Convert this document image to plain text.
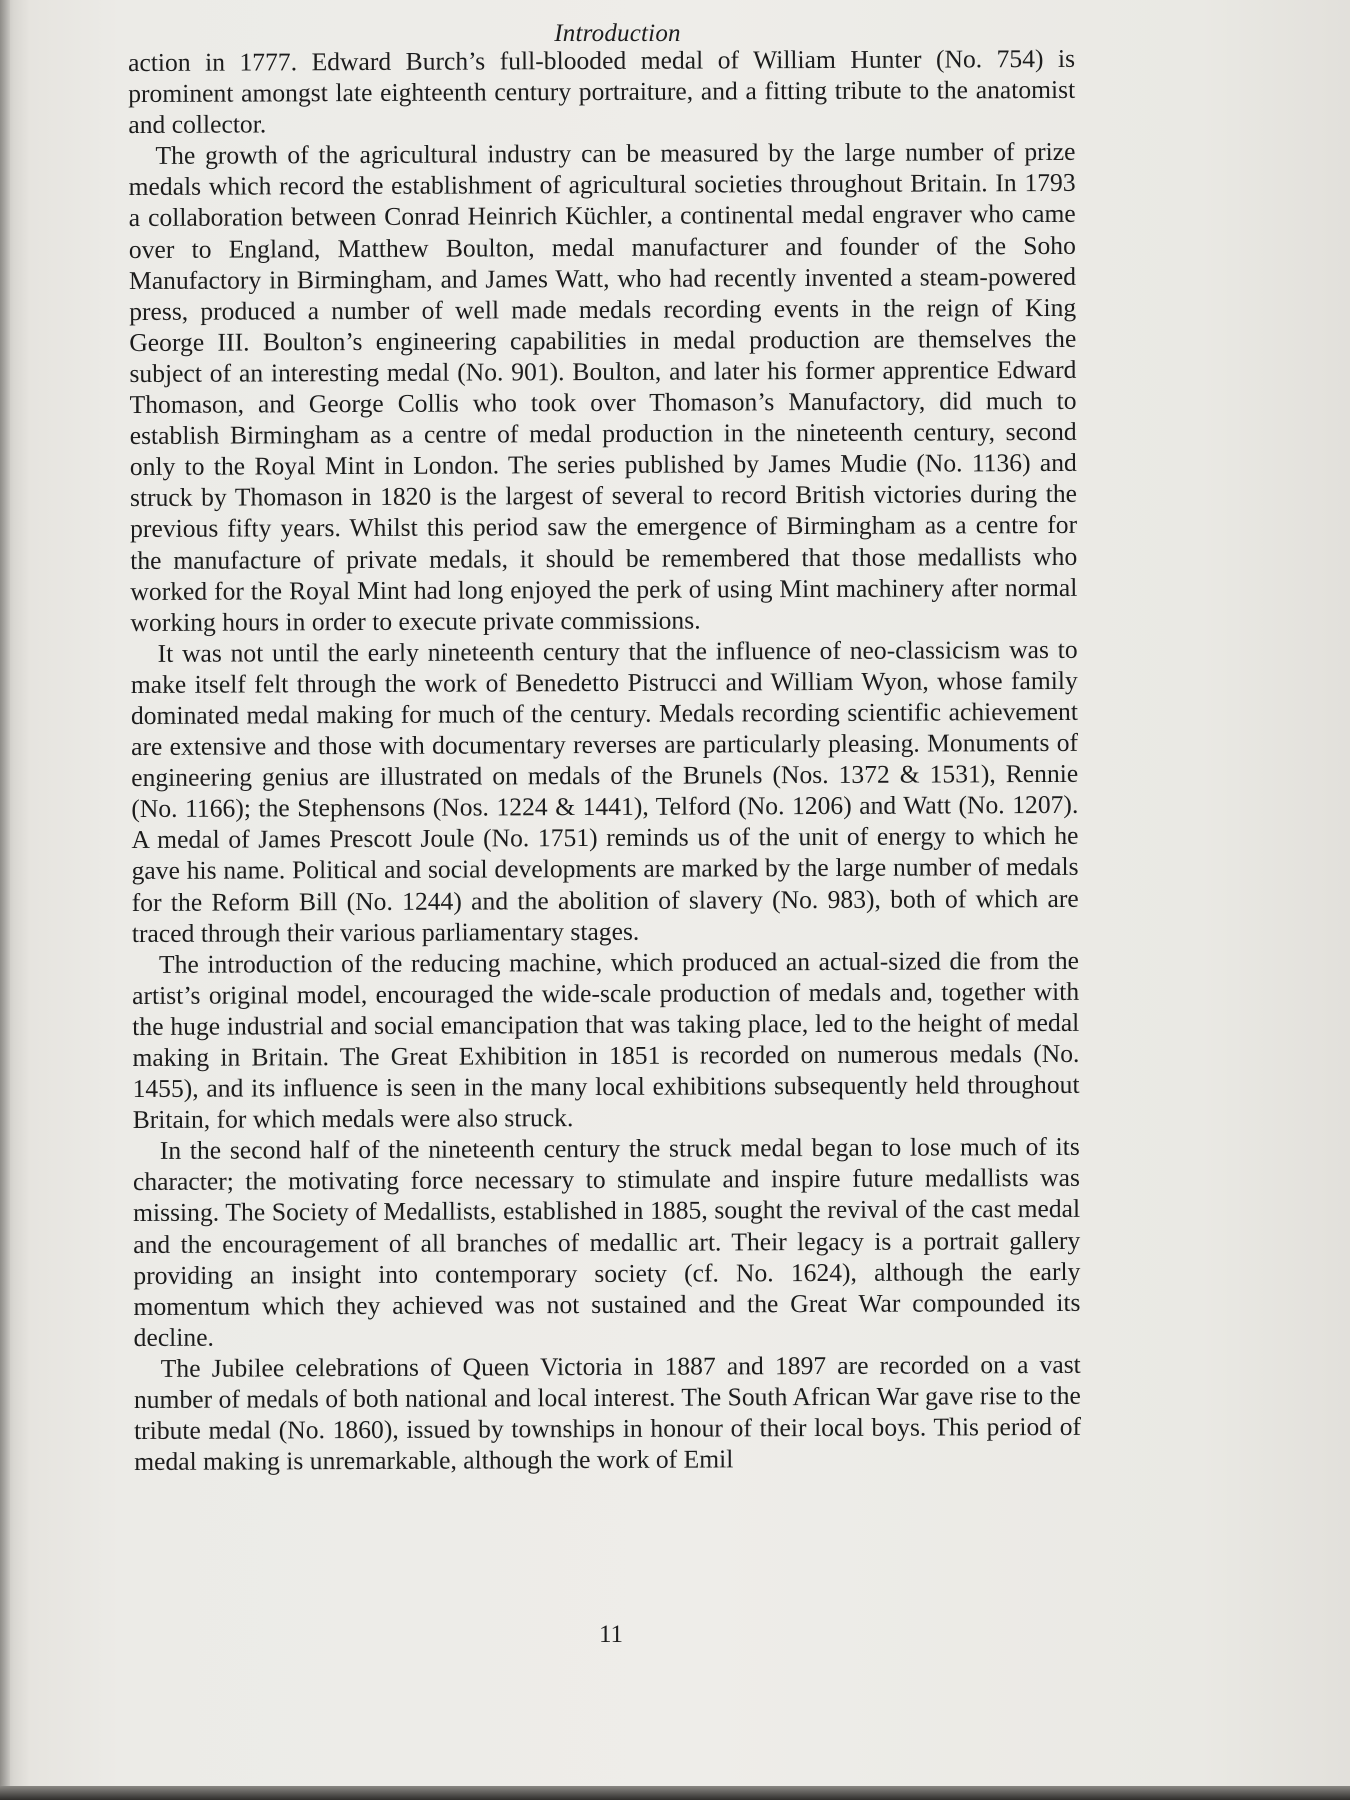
Introduction

action in 1777. Edward Burch’s full-blooded medal of William Hunter (No. 754) is prominent amongst late eighteenth century portraiture, and a fitting tribute to the anatomist and collector.

The growth of the agricultural industry can be measured by the large number of prize medals which record the establishment of agricultural societies throughout Britain. In 1793 a collaboration between Conrad Heinrich Küchler, a continental medal engraver who came over to England, Matthew Boulton, medal manufacturer and founder of the Soho Manufactory in Birmingham, and James Watt, who had recently invented a steam-powered press, produced a number of well made medals recording events in the reign of King George III. Boulton’s engineering capabilities in medal production are themselves the subject of an interesting medal (No. 901). Boulton, and later his former apprentice Edward Thomason, and George Collis who took over Thomason’s Manufactory, did much to establish Birmingham as a centre of medal production in the nineteenth century, second only to the Royal Mint in London. The series published by James Mudie (No. 1136) and struck by Thomason in 1820 is the largest of several to record British victories during the previous fifty years. Whilst this period saw the emergence of Birmingham as a centre for the manufacture of private medals, it should be remembered that those medallists who worked for the Royal Mint had long enjoyed the perk of using Mint machinery after normal working hours in order to execute private commissions.

It was not until the early nineteenth century that the influence of neo-classicism was to make itself felt through the work of Benedetto Pistrucci and William Wyon, whose family dominated medal making for much of the century. Medals recording scientific achievement are extensive and those with documentary reverses are particularly pleasing. Monuments of engineering genius are illustrated on medals of the Brunels (Nos. 1372 & 1531), Rennie (No. 1166); the Stephensons (Nos. 1224 & 1441), Telford (No. 1206) and Watt (No. 1207). A medal of James Prescott Joule (No. 1751) reminds us of the unit of energy to which he gave his name. Political and social developments are marked by the large number of medals for the Reform Bill (No. 1244) and the abolition of slavery (No. 983), both of which are traced through their various parliamentary stages.

The introduction of the reducing machine, which produced an actual-sized die from the artist’s original model, encouraged the wide-scale production of medals and, together with the huge industrial and social emancipation that was taking place, led to the height of medal making in Britain. The Great Exhibition in 1851 is recorded on numerous medals (No. 1455), and its influence is seen in the many local exhibitions subsequently held throughout Britain, for which medals were also struck.

In the second half of the nineteenth century the struck medal began to lose much of its character; the motivating force necessary to stimulate and inspire future medallists was missing. The Society of Medallists, established in 1885, sought the revival of the cast medal and the encouragement of all branches of medallic art. Their legacy is a portrait gallery providing an insight into contemporary society (cf. No. 1624), although the early momentum which they achieved was not sustained and the Great War compounded its decline.

The Jubilee celebrations of Queen Victoria in 1887 and 1897 are recorded on a vast number of medals of both national and local interest. The South African War gave rise to the tribute medal (No. 1860), issued by townships in honour of their local boys. This period of medal making is unremarkable, although the work of Emil

11
